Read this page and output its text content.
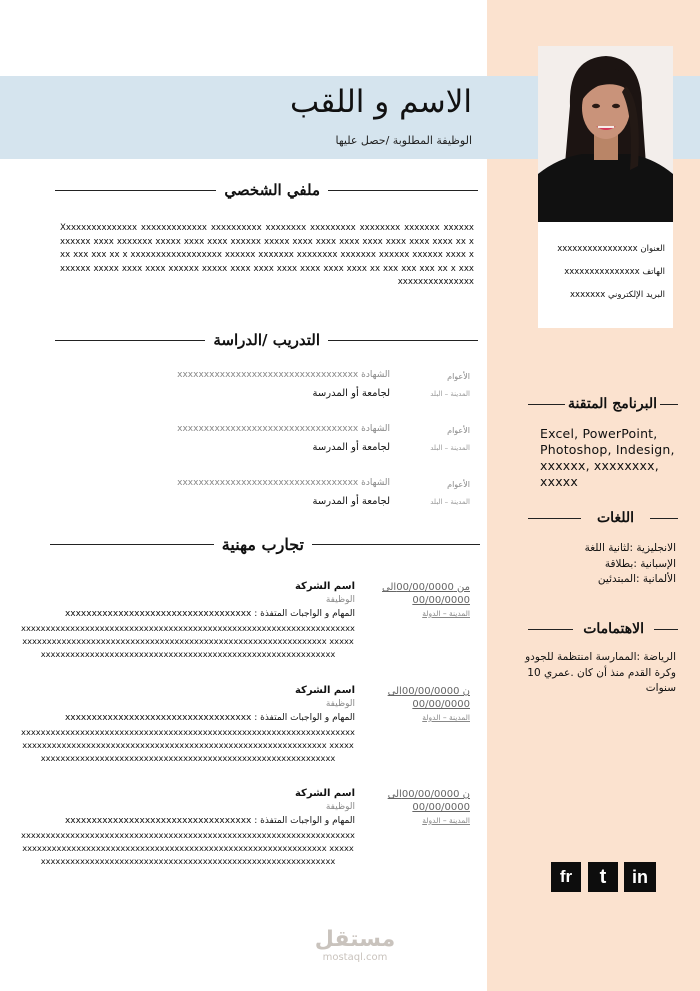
الاسم و اللقب
الوظيفة المطلوبة /حصل عليها
العنوان xxxxxxxxxxxxxxxx
الهاتف xxxxxxxxxxxxxxx
البريد الإلكتروني xxxxxxx
ملفي الشخصي
Xxxxxxxxxxxxxxx xxxxxxxxxxxxx xxxxxxxxxx xxxxxxxx xxxxxxxxx xxxxxxxx xxxxxxx xxxxxx xxxxxx xxxx xxxxxxx xxxxx xxxx xxxx xxxxxx xxxxx xxxx xxxx xxxx xxxx xxxx xxxx xxxx xx xxx xxx xxx xx x xxxxxxxxxxxxxxxxxx xxxxxx xxxxxxx xxxxxxxx xxxxxxx xxxxxx xxxxxx xxxx xxxxxxx xxxxx xxxx xxxx xxxxxx xxxxx xxxx xxxx xxxx xxxx xxxx xxxx xx xxx xxx xxx xx x xxxxxxxxxxxxxxxxxx
التدريب /الدراسة
الأعوام
المدينة – البلد
الشهادة xxxxxxxxxxxxxxxxxxxxxxxxxxxxxxxxxx
لجامعة أو المدرسة
الأعوام
المدينة – البلد
الشهادة xxxxxxxxxxxxxxxxxxxxxxxxxxxxxxxxxx
لجامعة أو المدرسة
الأعوام
المدينة – البلد
الشهادة xxxxxxxxxxxxxxxxxxxxxxxxxxxxxxxxxx
لجامعة أو المدرسة
تجارب مهنية
من 00/00/0000الى
00/00/0000
المدينة – الدولة
اسم الشركة
الوظيفة
المهام و الواجبات المتفذة : xxxxxxxxxxxxxxxxxxxxxxxxxxxxxxxxxxx
xxxxxxxxxxxxxxxxxxxxxxxxxxxxxxxxxxxxxxxxxxxxxxxxxxxxxxxxxxxxxxxxxxxx xxxxxxxxxxxxxxxxxxxxxxxxxxxxxxxxxxxxxxxxxxxxxxxxxxxxxxxxxxxxxx xxxxxxxxxxxxxxxxxxxxxxxxxxxxxxxxxxxxxxxxxxxxxxxxxxxxxxxxxxxxxxxxx
ن 00/00/0000الى
00/00/0000
المدينة – الدولة
اسم الشركة
الوظيفة
المهام و الواجبات المتفذة : xxxxxxxxxxxxxxxxxxxxxxxxxxxxxxxxxxx
xxxxxxxxxxxxxxxxxxxxxxxxxxxxxxxxxxxxxxxxxxxxxxxxxxxxxxxxxxxxxxxxxxxx xxxxxxxxxxxxxxxxxxxxxxxxxxxxxxxxxxxxxxxxxxxxxxxxxxxxxxxxxxxxxx xxxxxxxxxxxxxxxxxxxxxxxxxxxxxxxxxxxxxxxxxxxxxxxxxxxxxxxxxxxxxxxxx
ن 00/00/0000الى
00/00/0000
المدينة – الدولة
اسم الشركة
الوظيفة
المهام و الواجبات المتفذة : xxxxxxxxxxxxxxxxxxxxxxxxxxxxxxxxxxx
xxxxxxxxxxxxxxxxxxxxxxxxxxxxxxxxxxxxxxxxxxxxxxxxxxxxxxxxxxxxxxxxxxxx xxxxxxxxxxxxxxxxxxxxxxxxxxxxxxxxxxxxxxxxxxxxxxxxxxxxxxxxxxxxxx xxxxxxxxxxxxxxxxxxxxxxxxxxxxxxxxxxxxxxxxxxxxxxxxxxxxxxxxxxxxxxxxx
البرنامج المتقنة
Excel, PowerPoint, Photoshop, Indesign, xxxxxx, xxxxxxxx, xxxxx
اللغات
الانجليزية :لثانية اللغة
الإسبانية :بطلاقة
الألمانية :المبتدئين
الاهتمامات
الرياضة :الممارسة امنتظمة للجودو وكرة القدم منذ أن كان .عمري 10 سنوات
fr	t	in
مستقل
mostaql.com
